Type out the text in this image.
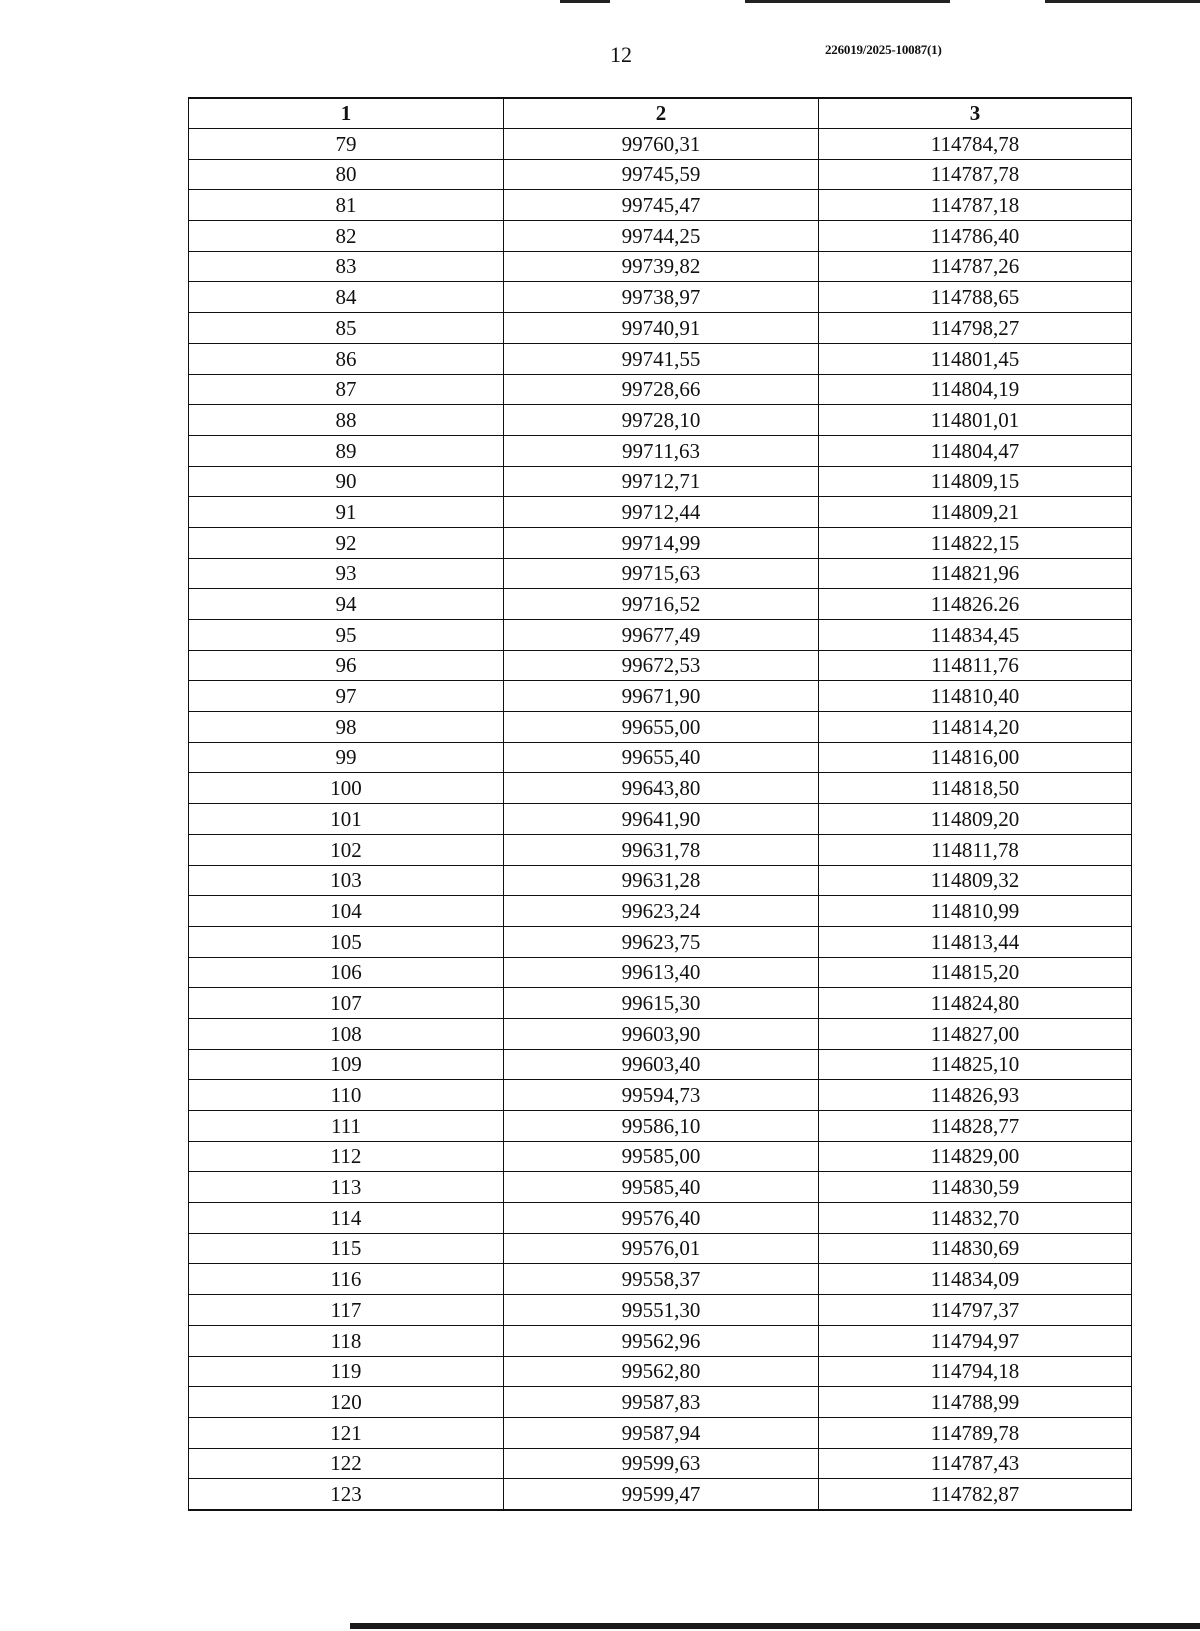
12	226019/2025-10087(1)
1	2	3
79	99760,31	114784,78
80	99745,59	114787,78
81	99745,47	114787,18
82	99744,25	114786,40
83	99739,82	114787,26
84	99738,97	114788,65
85	99740,91	114798,27
86	99741,55	114801,45
87	99728,66	114804,19
88	99728,10	114801,01
89	99711,63	114804,47
90	99712,71	114809,15
91	99712,44	114809,21
92	99714,99	114822,15
93	99715,63	114821,96
94	99716,52	114826.26
95	99677,49	114834,45
96	99672,53	114811,76
97	99671,90	114810,40
98	99655,00	114814,20
99	99655,40	114816,00
100	99643,80	114818,50
101	99641,90	114809,20
102	99631,78	114811,78
103	99631,28	114809,32
104	99623,24	114810,99
105	99623,75	114813,44
106	99613,40	114815,20
107	99615,30	114824,80
108	99603,90	114827,00
109	99603,40	114825,10
110	99594,73	114826,93
111	99586,10	114828,77
112	99585,00	114829,00
113	99585,40	114830,59
114	99576,40	114832,70
115	99576,01	114830,69
116	99558,37	114834,09
117	99551,30	114797,37
118	99562,96	114794,97
119	99562,80	114794,18
120	99587,83	114788,99
121	99587,94	114789,78
122	99599,63	114787,43
123	99599,47	114782,87
